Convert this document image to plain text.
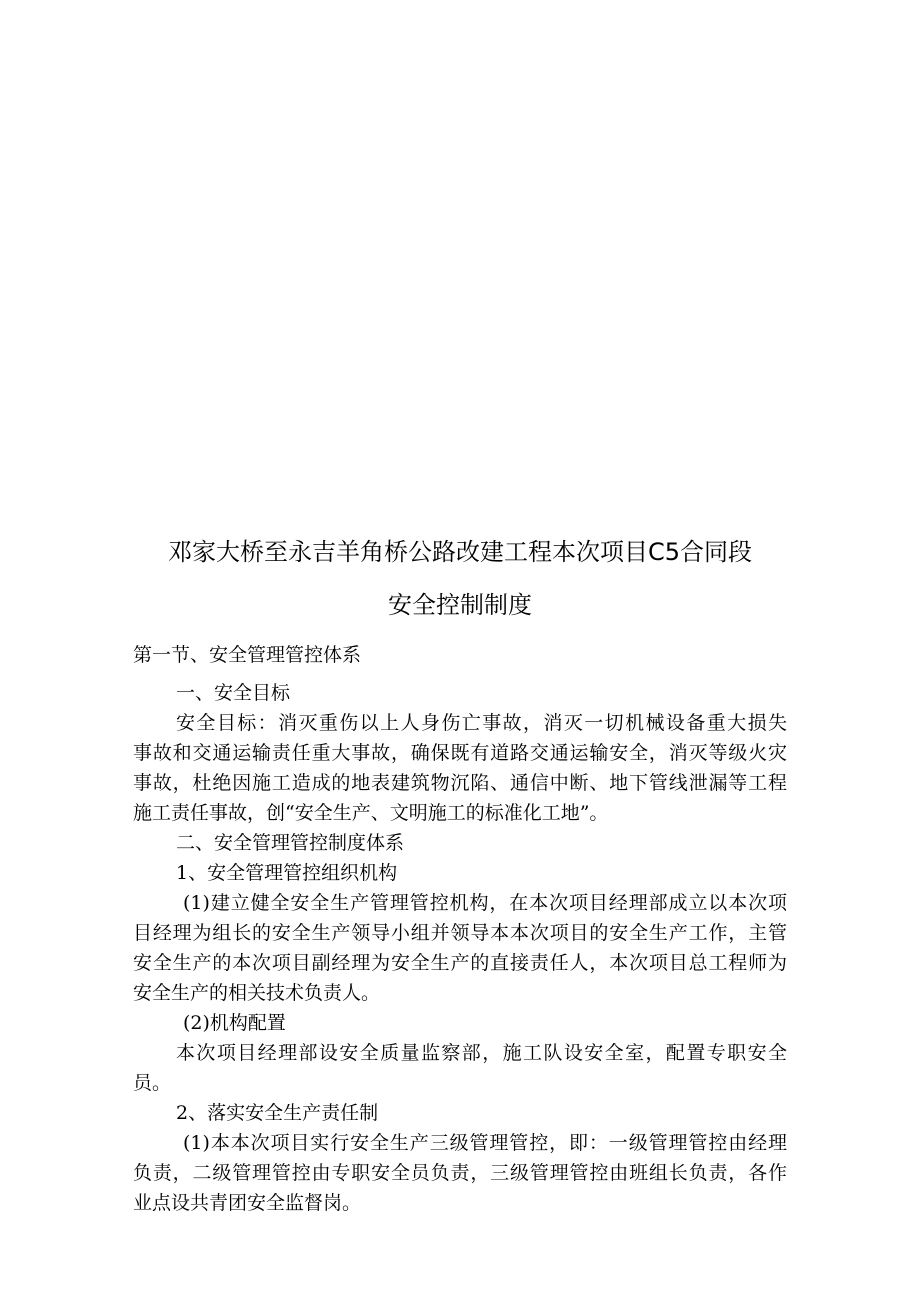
邓家大桥至永吉羊角桥公路改建工程本次项目C5合同段
安全控制制度
第一节、安全管理管控体系
一、安全目标
安全目标：消灭重伤以上人身伤亡事故，消灭一切机械设备重大损失
事故和交通运输责任重大事故，确保既有道路交通运输安全，消灭等级火灾
事故，杜绝因施工造成的地表建筑物沉陷、通信中断、地下管线泄漏等工程
施工责任事故，创“安全生产、文明施工的标准化工地”。
二、安全管理管控制度体系
1、安全管理管控组织机构
(1)建立健全安全生产管理管控机构，在本次项目经理部成立以本次项
目经理为组长的安全生产领导小组并领导本本次项目的安全生产工作，主管
安全生产的本次项目副经理为安全生产的直接责任人，本次项目总工程师为
安全生产的相关技术负责人。
(2)机构配置
本次项目经理部设安全质量监察部，施工队设安全室，配置专职安全
员。
2、落实安全生产责任制
(1)本本次项目实行安全生产三级管理管控，即：一级管理管控由经理
负责，二级管理管控由专职安全员负责，三级管理管控由班组长负责，各作
业点设共青团安全监督岗。
